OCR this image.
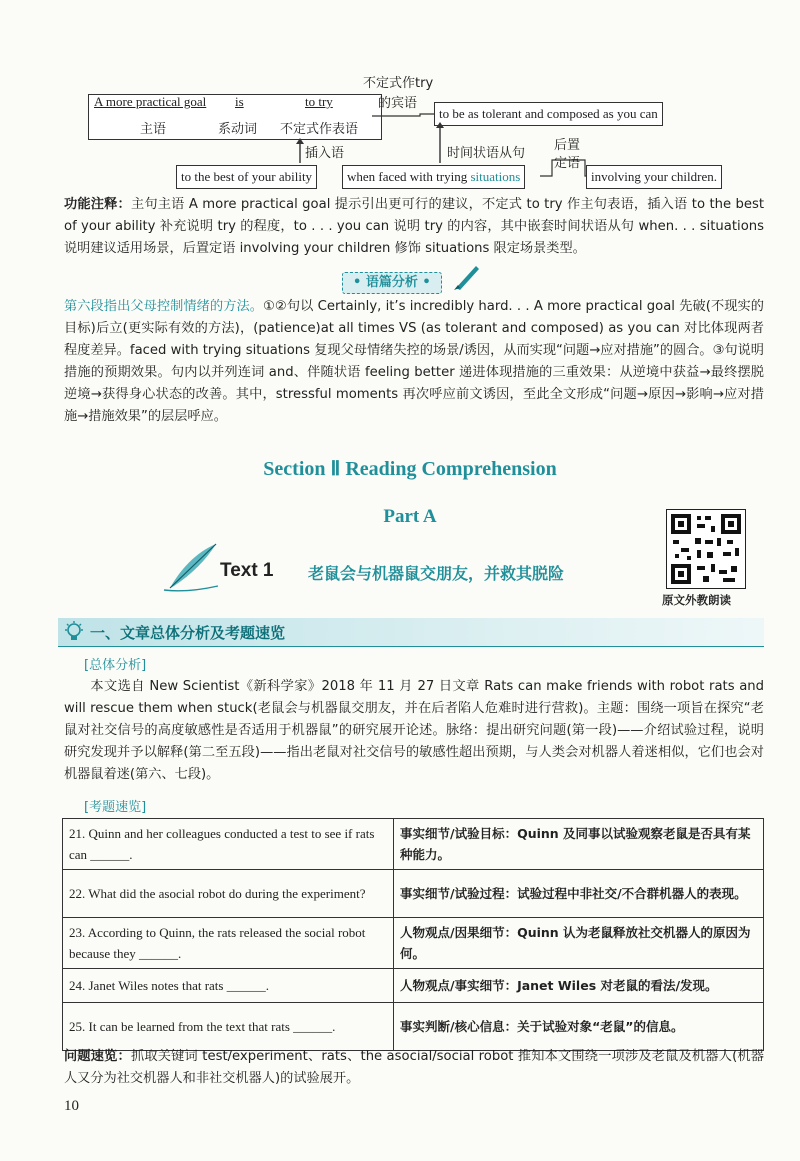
A more practical goal is	to try
主语	系动词 不定式作表语
不定式作try
的宾语
to be as tolerant and composed as you can
插入语	时间状语从句
后置
定语
to the best of your ability	when faced with trying situations	involving your children.
功能注释：主句主语 A more practical goal 提示引出更可行的建议，不定式 to try 作主句表语，插入语 to the best of your ability 补充说明 try 的程度，to . . . you can 说明 try 的内容，其中嵌套时间状语从句 when. . . situations 说明建议适用场景，后置定语 involving your children 修饰 situations 限定场景类型。
• 语篇分析 •
第六段指出父母控制情绪的方法。①②句以 Certainly, it’s incredibly hard. . . A more practical goal 先破(不现实的目标)后立(更实际有效的方法)，(patience)at all times VS (as tolerant and composed) as you can 对比体现两者程度差异。faced with trying situations 复现父母情绪失控的场景/诱因，从而实现“问题→应对措施”的圆合。③句说明措施的预期效果。句内以并列连词 and、伴随状语 feeling better 递进体现措施的三重效果：从逆境中获益→最终摆脱逆境→获得身心状态的改善。其中，stressful moments 再次呼应前文诱因，至此全文形成“问题→原因→影响→应对措施→措施效果”的层层呼应。
Section Ⅱ Reading Comprehension
Part A
Text 1 老鼠会与机器鼠交朋友，并救其脱险
原文外教朗读
一、文章总体分析及考题速览
[总体分析]
本文选自 New Scientist《新科学家》2018 年 11 月 27 日文章 Rats can make friends with robot rats and will rescue them when stuck(老鼠会与机器鼠交朋友，并在后者陷人危难时进行营救)。主题：围绕一项旨在探究“老鼠对社交信号的高度敏感性是否适用于机器鼠”的研究展开论述。脉络：提出研究问题(第一段)——介绍试验过程，说明研究发现并予以解释(第二至五段)——指出老鼠对社交信号的敏感性超出预期，与人类会对机器人着迷相似，它们也会对机器鼠着迷(第六、七段)。
[考题速览]
21. Quinn and her colleagues conducted a test to see if rats can ______.	事实细节/试验目标：Quinn 及同事以试验观察老鼠是否具有某种能力。
22. What did the asocial robot do during the experiment?	事实细节/试验过程：试验过程中非社交/不合群机器人的表现。
23. According to Quinn, the rats released the social robot because they ______.	人物观点/因果细节：Quinn 认为老鼠释放社交机器人的原因为何。
24. Janet Wiles notes that rats ______.	人物观点/事实细节：Janet Wiles 对老鼠的看法/发现。
25. It can be learned from the text that rats ______.	事实判断/核心信息：关于试验对象“老鼠”的信息。
问题速览：抓取关键词 test/experiment、rats、the asocial/social robot 推知本文围绕一项涉及老鼠及机器人(机器人又分为社交机器人和非社交机器人)的试验展开。
10
